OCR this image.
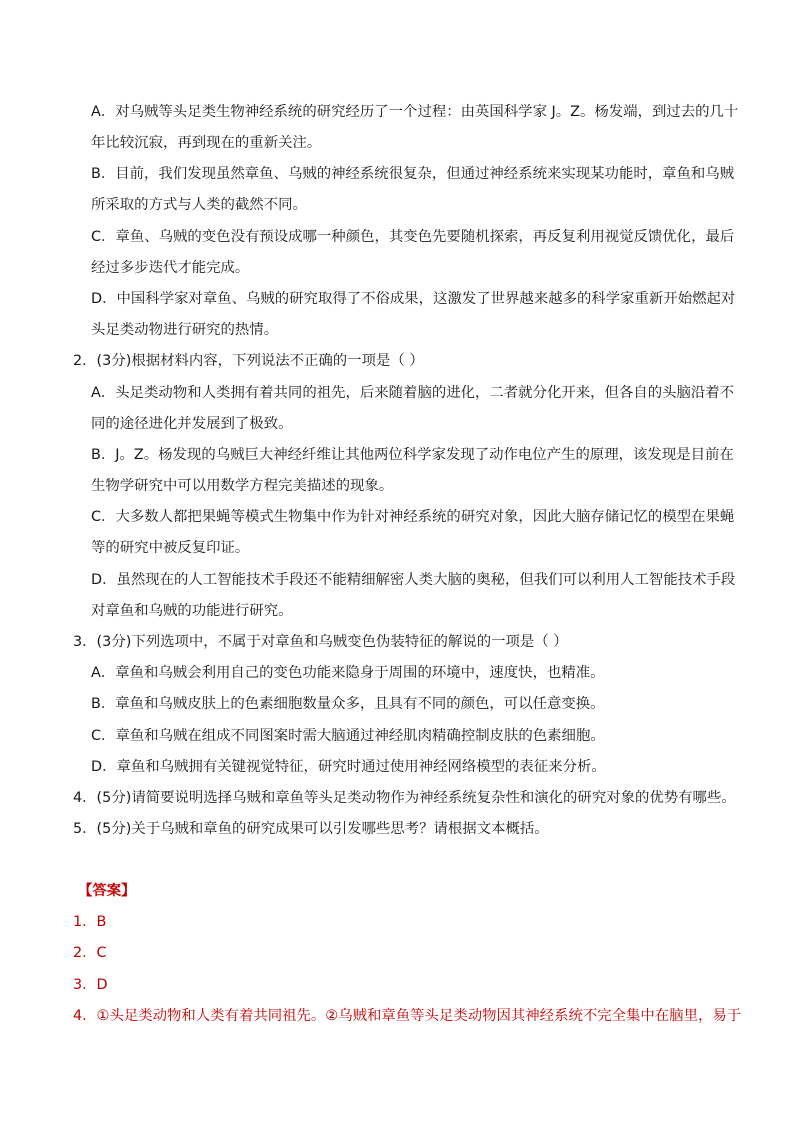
A．对乌贼等头足类生物神经系统的研究经历了一个过程：由英国科学家 J。Z。杨发端，到过去的几十
年比较沉寂，再到现在的重新关注。
B．目前，我们发现虽然章鱼、乌贼的神经系统很复杂，但通过神经系统来实现某功能时，章鱼和乌贼
所采取的方式与人类的截然不同。
C．章鱼、乌贼的变色没有预设成哪一种颜色，其变色先要随机探索，再反复利用视觉反馈优化，最后
经过多步迭代才能完成。
D．中国科学家对章鱼、乌贼的研究取得了不俗成果，这激发了世界越来越多的科学家重新开始燃起对
头足类动物进行研究的热情。
2．(3分)根据材料内容，下列说法不正确的一项是（ ）
A．头足类动物和人类拥有着共同的祖先，后来随着脑的进化，二者就分化开来，但各自的头脑沿着不
同的途径进化并发展到了极致。
B．J。Z。杨发现的乌贼巨大神经纤维让其他两位科学家发现了动作电位产生的原理，该发现是目前在
生物学研究中可以用数学方程完美描述的现象。
C．大多数人都把果蝇等模式生物集中作为针对神经系统的研究对象，因此大脑存储记忆的模型在果蝇
等的研究中被反复印证。
D．虽然现在的人工智能技术手段还不能精细解密人类大脑的奥秘，但我们可以利用人工智能技术手段
对章鱼和乌贼的功能进行研究。
3．(3分)下列选项中，不属于对章鱼和乌贼变色伪装特征的解说的一项是（ ）
A．章鱼和乌贼会利用自己的变色功能来隐身于周围的环境中，速度快，也精准。
B．章鱼和乌贼皮肤上的色素细胞数量众多，且具有不同的颜色，可以任意变换。
C．章鱼和乌贼在组成不同图案时需大脑通过神经肌肉精确控制皮肤的色素细胞。
D．章鱼和乌贼拥有关键视觉特征，研究时通过使用神经网络模型的表征来分析。
4．(5分)请简要说明选择乌贼和章鱼等头足类动物作为神经系统复杂性和演化的研究对象的优势有哪些。
5．(5分)关于乌贼和章鱼的研究成果可以引发哪些思考？请根据文本概括。
【答案】
1．B
2．C
3．D
4．①头足类动物和人类有着共同祖先。②乌贼和章鱼等头足类动物因其神经系统不完全集中在脑里，易于
